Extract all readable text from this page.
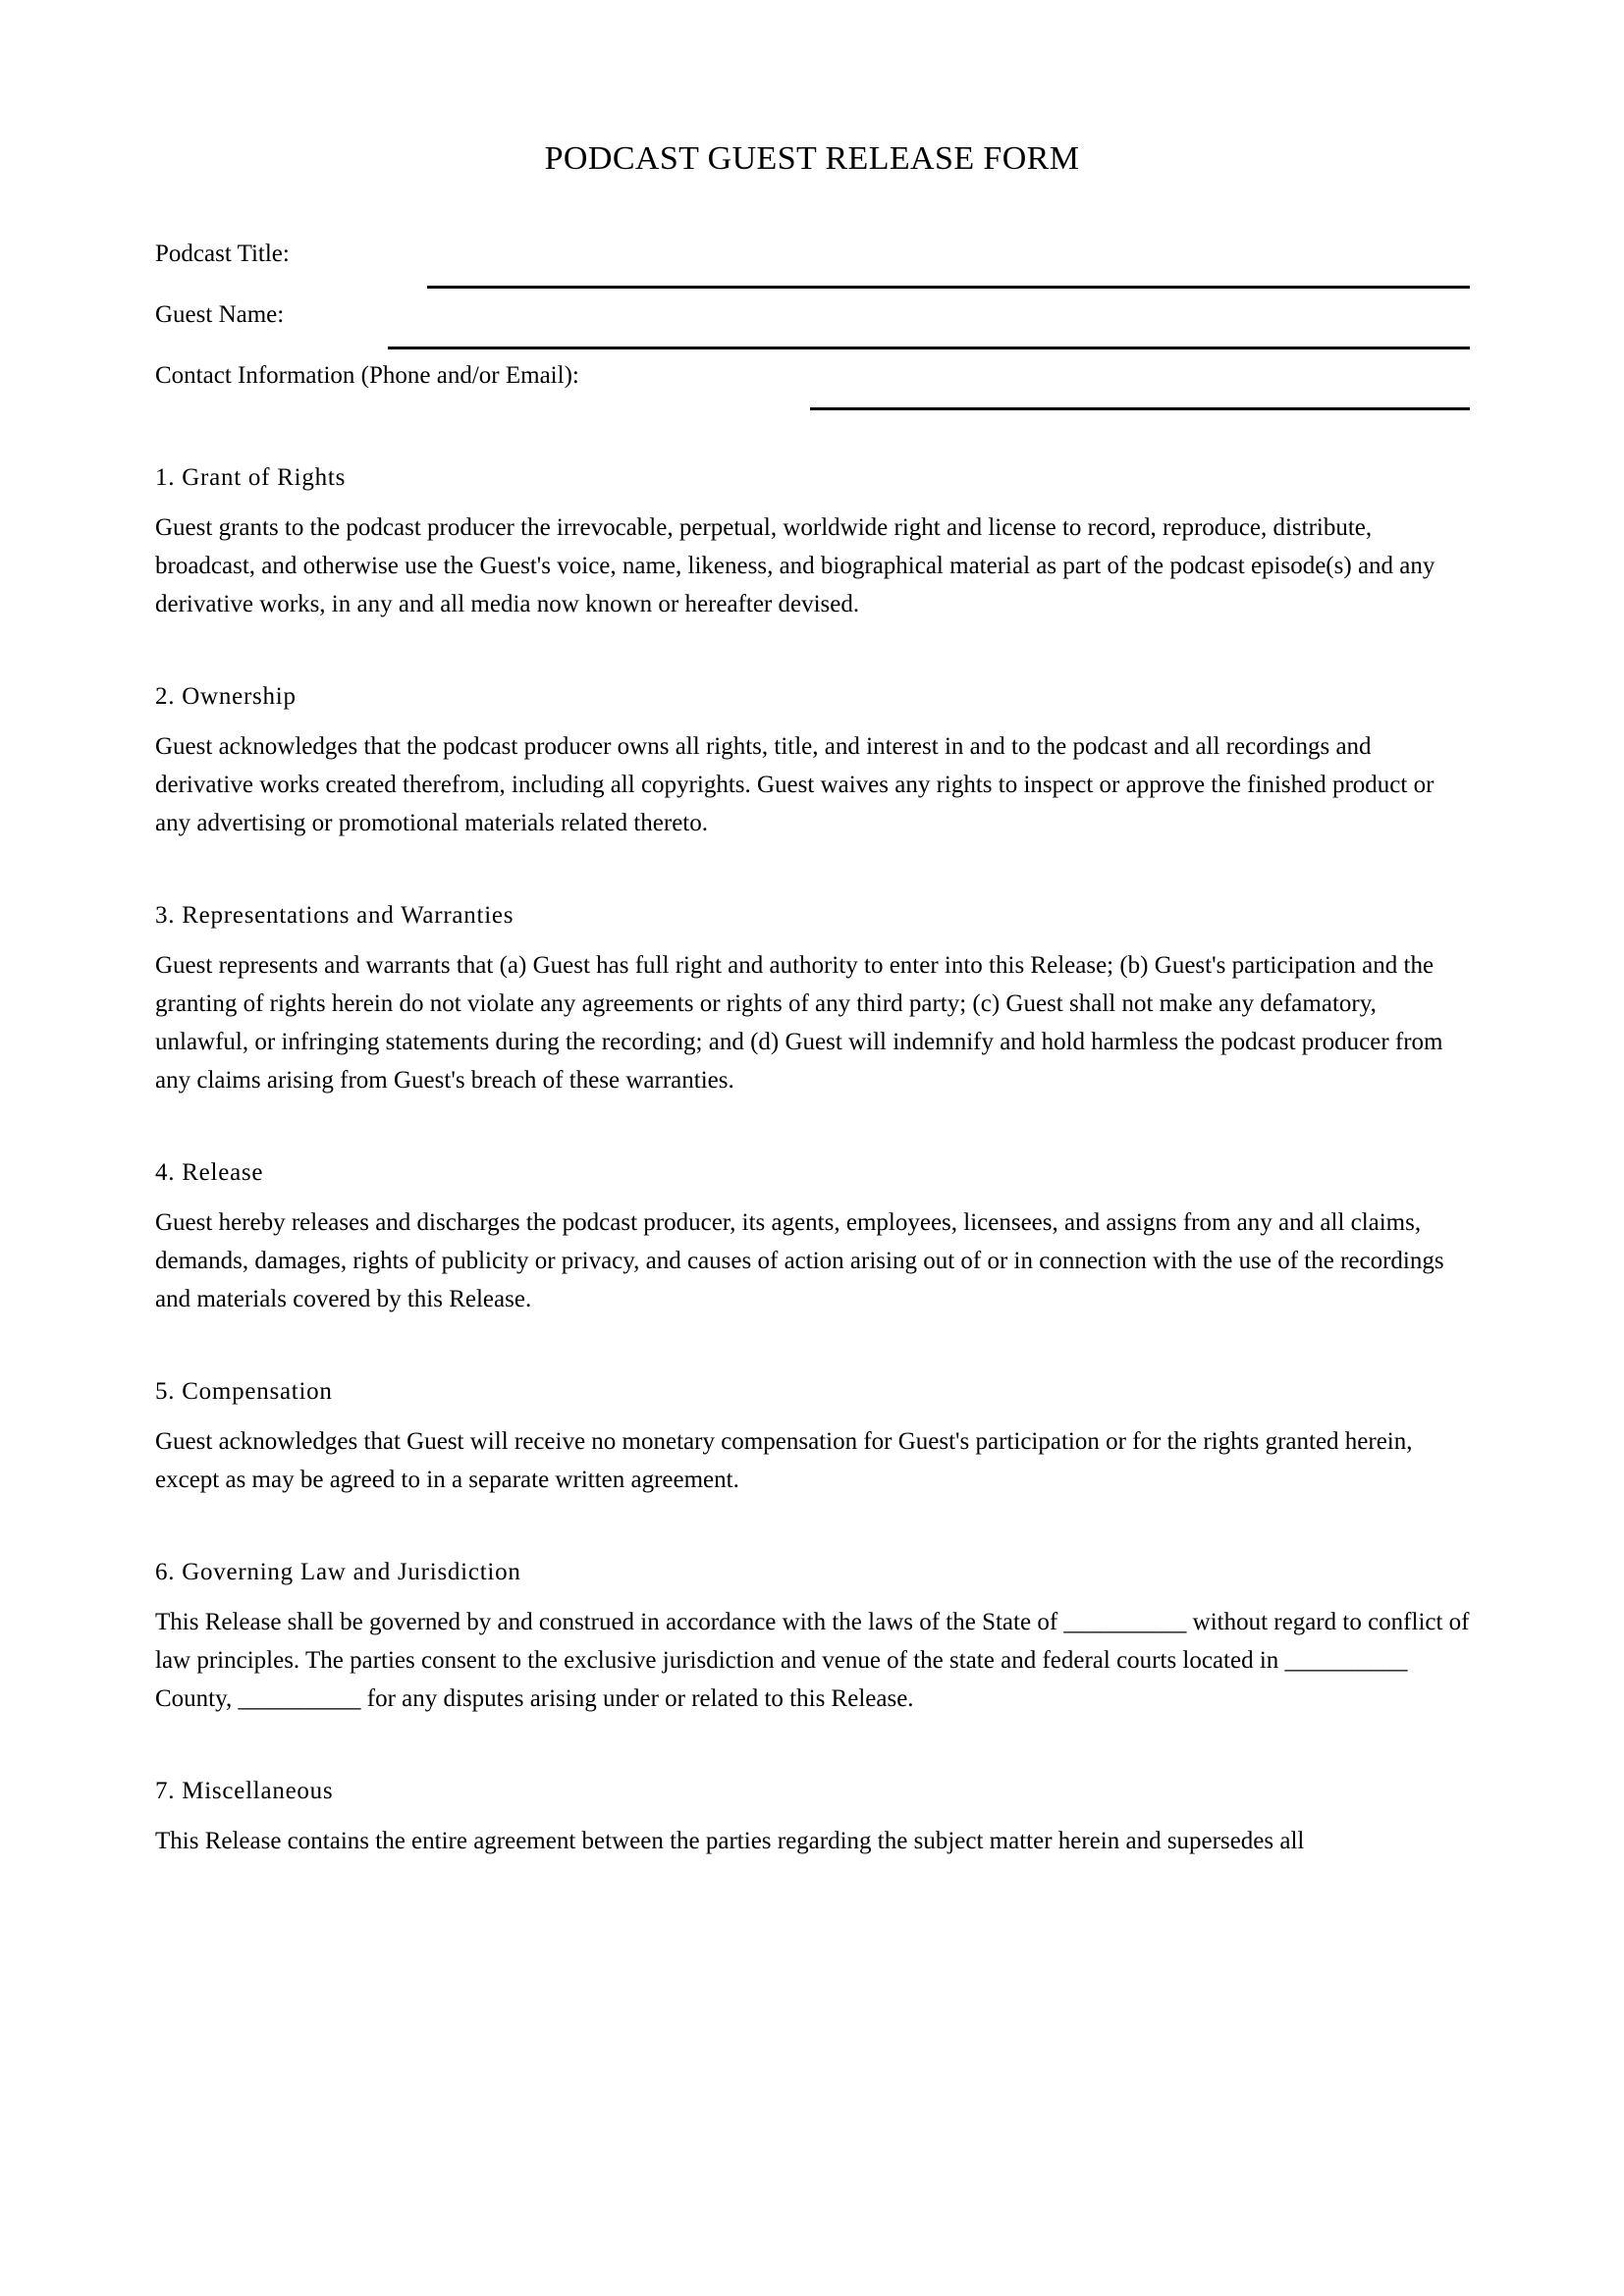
PODCAST GUEST RELEASE FORM
Podcast Title:
Guest Name:
Contact Information (Phone and/or Email):
1. Grant of Rights

Guest grants to the podcast producer the irrevocable, perpetual, worldwide right and license to record, reproduce, distribute, broadcast, and otherwise use the Guest's voice, name, likeness, and biographical material as part of the podcast episode(s) and any derivative works, in any and all media now known or hereafter devised.

2. Ownership

Guest acknowledges that the podcast producer owns all rights, title, and interest in and to the podcast and all recordings and derivative works created therefrom, including all copyrights. Guest waives any rights to inspect or approve the finished product or any advertising or promotional materials related thereto.

3. Representations and Warranties

Guest represents and warrants that (a) Guest has full right and authority to enter into this Release; (b) Guest's participation and the granting of rights herein do not violate any agreements or rights of any third party; (c) Guest shall not make any defamatory, unlawful, or infringing statements during the recording; and (d) Guest will indemnify and hold harmless the podcast producer from any claims arising from Guest's breach of these warranties.

4. Release

Guest hereby releases and discharges the podcast producer, its agents, employees, licensees, and assigns from any and all claims, demands, damages, rights of publicity or privacy, and causes of action arising out of or in connection with the use of the recordings and materials covered by this Release.

5. Compensation

Guest acknowledges that Guest will receive no monetary compensation for Guest's participation or for the rights granted herein, except as may be agreed to in a separate written agreement.

6. Governing Law and Jurisdiction

This Release shall be governed by and construed in accordance with the laws of the State of __________ without regard to conflict of law principles. The parties consent to the exclusive jurisdiction and venue of the state and federal courts located in __________ County, __________ for any disputes arising under or related to this Release.

7. Miscellaneous

This Release contains the entire agreement between the parties regarding the subject matter herein and supersedes all
